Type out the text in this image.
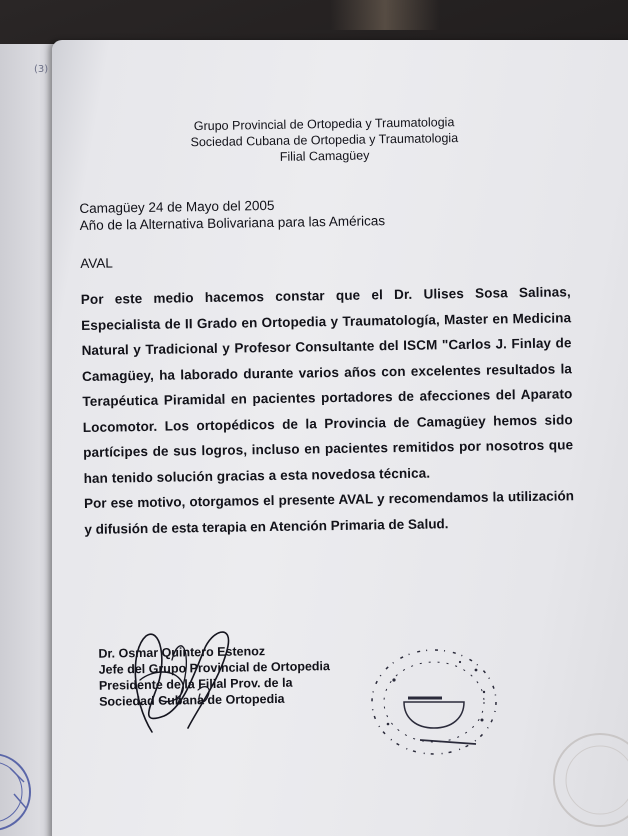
(3)
Grupo Provincial de Ortopedia y Traumatologia
Sociedad Cubana de Ortopedia y Traumatologia
Filial Camagüey
Camagüey 24 de Mayo del 2005
Año de la Alternativa Bolivariana para las Américas
AVAL

Por este medio hacemos constar que el Dr. Ulises Sosa Salinas, Especialista de II Grado en Ortopedia y Traumatología, Master en Medicina Natural y Tradicional y Profesor Consultante del ISCM "Carlos J. Finlay de Camagüey, ha laborado durante varios años con excelentes resultados la Terapéutica Piramidal en pacientes portadores de afecciones del Aparato Locomotor. Los ortopédicos de la Provincia de Camagüey hemos sido partícipes de sus logros, incluso en pacientes remitidos por nosotros que han tenido solución gracias a esta novedosa técnica.

Por ese motivo, otorgamos el presente AVAL y recomendamos la utilización y difusión de esta terapia en Atención Primaria de Salud.

Dr. Osmar Quintero Estenoz
Jefe del Grupo Provincial de Ortopedia
Presidente de la Filial Prov. de la
Sociedad Cubana de Ortopedia
